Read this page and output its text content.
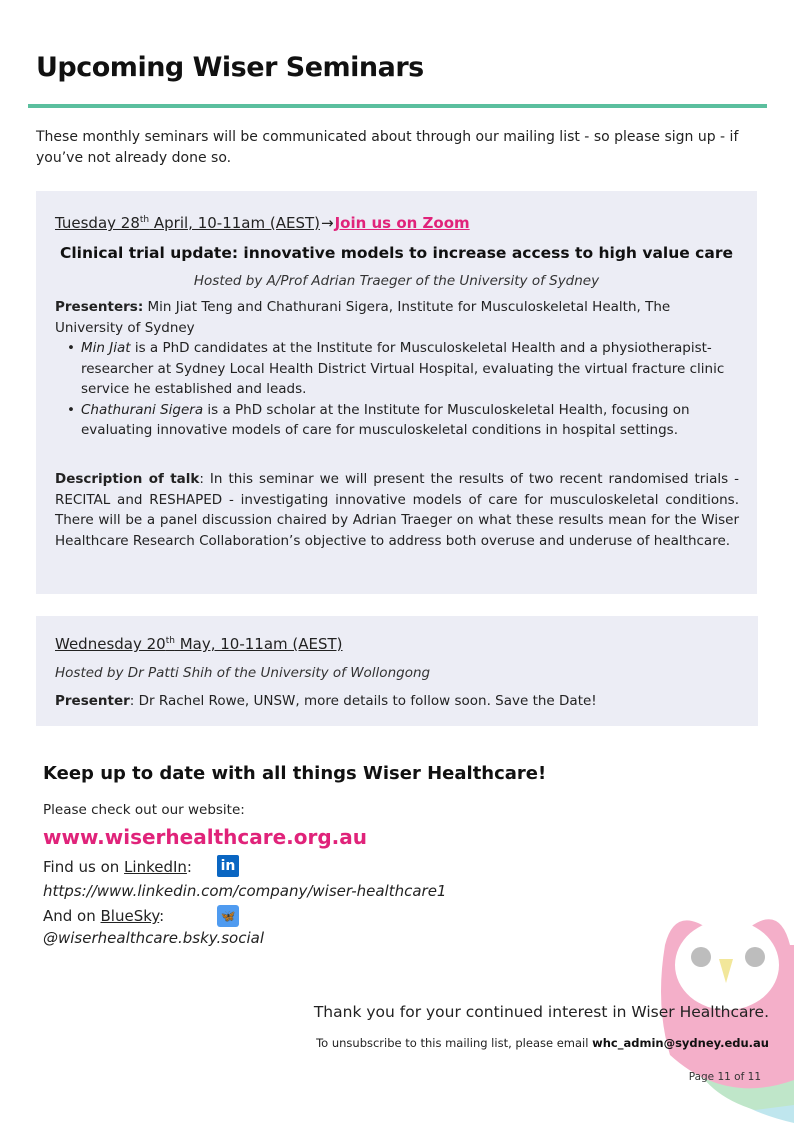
Upcoming Wiser Seminars

These monthly seminars will be communicated about through our mailing list - so please sign up - if you’ve not already done so.

Tuesday 28th April, 10-11am (AEST)→Join us on Zoom
Clinical trial update: innovative models to increase access to high value care
Hosted by A/Prof Adrian Traeger of the University of Sydney
Presenters: Min Jiat Teng and Chathurani Sigera, Institute for Musculoskeletal Health, The University of Sydney
• Min Jiat is a PhD candidates at the Institute for Musculoskeletal Health and a physiotherapist-researcher at Sydney Local Health District Virtual Hospital, evaluating the virtual fracture clinic service he established and leads.
• Chathurani Sigera is a PhD scholar at the Institute for Musculoskeletal Health, focusing on evaluating innovative models of care for musculoskeletal conditions in hospital settings.
Description of talk: In this seminar we will present the results of two recent randomised trials - RECITAL and RESHAPED - investigating innovative models of care for musculoskeletal conditions. There will be a panel discussion chaired by Adrian Traeger on what these results mean for the Wiser Healthcare Research Collaboration’s objective to address both overuse and underuse of healthcare.
Wednesday 20th May, 10-11am (AEST)
Hosted by Dr Patti Shih of the University of Wollongong
Presenter: Dr Rachel Rowe, UNSW, more details to follow soon. Save the Date!
Keep up to date with all things Wiser Healthcare!
Please check out our website:
www.wiserhealthcare.org.au
Find us on LinkedIn: in
https://www.linkedin.com/company/wiser-healthcare1
And on BlueSky:	🦋
@wiserhealthcare.bsky.social
Thank you for your continued interest in Wiser Healthcare.
To unsubscribe to this mailing list, please email whc_admin@sydney.edu.au
Page 11 of 11
